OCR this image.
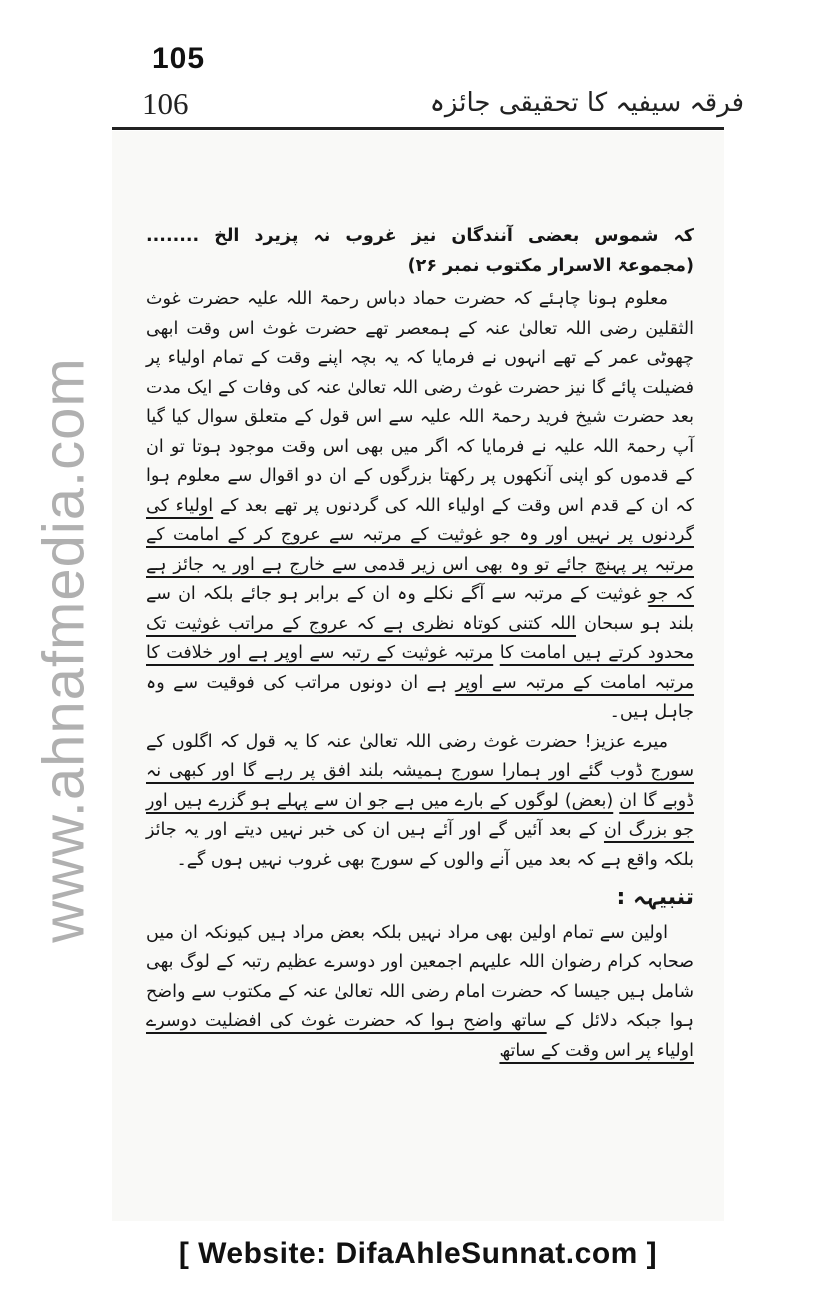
105
106	فرقہ سیفیہ کا تحقیقی جائزہ
www.ahnafmedia.com

کہ شموس بعضی آنندگان نیز غروب نہ پزیرد الخ ........ (مجموعۃ الاسرار مکتوب نمبر ۲۶)

معلوم ہونا چاہئے کہ حضرت حماد دباس رحمۃ اللہ علیہ حضرت غوث الثقلین رضی اللہ تعالیٰ عنہ کے ہمعصر تھے حضرت غوث اس وقت ابھی چھوٹی عمر کے تھے انہوں نے فرمایا کہ یہ بچہ اپنے وقت کے تمام اولیاء پر فضیلت پائے گا نیز حضرت غوث رضی اللہ تعالیٰ عنہ کی وفات کے ایک مدت بعد حضرت شیخ فرید رحمۃ اللہ علیہ سے اس قول کے متعلق سوال کیا گیا آپ رحمۃ اللہ علیہ نے فرمایا کہ اگر میں بھی اس وقت موجود ہوتا تو ان کے قدموں کو اپنی آنکھوں پر رکھتا بزرگوں کے ان دو اقوال سے معلوم ہوا کہ ان کے قدم اس وقت کے اولیاء اللہ کی گردنوں پر تھے بعد کے اولیاء کی گردنوں پر نہیں اور وہ جو غوثیت کے مرتبہ سے عروج کر کے امامت کے مرتبہ پر پہنچ جائے تو وہ بھی اس زیر قدمی سے خارج ہے اور یہ جائز ہے کہ جو غوثیت کے مرتبہ سے آگے نکلے وہ ان کے برابر ہو جائے بلکہ ان سے بلند ہو سبحان اللہ کتنی کوتاہ نظری ہے کہ عروج کے مراتب غوثیت تک محدود کرتے ہیں امامت کا مرتبہ غوثیت کے رتبہ سے اوپر ہے اور خلافت کا مرتبہ امامت کے مرتبہ سے اوپر ہے ان دونوں مراتب کی فوقیت سے وہ جاہل ہیں۔

میرے عزیز! حضرت غوث رضی اللہ تعالیٰ عنہ کا یہ قول کہ اگلوں کے سورج ڈوب گئے اور ہمارا سورج ہمیشہ بلند افق پر رہے گا اور کبھی نہ ڈوبے گا ان (بعض) لوگوں کے بارے میں ہے جو ان سے پہلے ہو گزرے ہیں اور جو بزرگ ان کے بعد آئیں گے اور آئے ہیں ان کی خبر نہیں دیتے اور یہ جائز بلکہ واقع ہے کہ بعد میں آنے والوں کے سورج بھی غروب نہیں ہوں گے۔

تنبیہہ :

اولین سے تمام اولین بھی مراد نہیں بلکہ بعض مراد ہیں کیونکہ ان میں صحابہ کرام رضوان اللہ علیہم اجمعین اور دوسرے عظیم رتبہ کے لوگ بھی شامل ہیں جیسا کہ حضرت امام رضی اللہ تعالیٰ عنہ کے مکتوب سے واضح ہوا جبکہ دلائل کے ساتھ واضح ہوا کہ حضرت غوث کی افضلیت دوسرے اولیاء پر اس وقت کے ساتھ

[ Website: DifaAhleSunnat.com ]
